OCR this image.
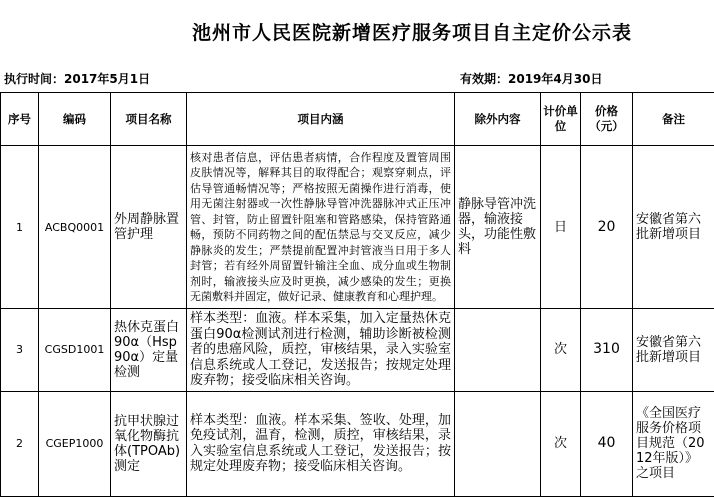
池州市人民医院新增医疗服务项目自主定价公示表
执行时间：2017年5月1日	有效期：2019年4月30日
序号	编码	项目名称	项目内涵	除外内容	计价单位	价格（元）	备注
1	ACBQ0001	外周静脉置管护理	核对患者信息，评估患者病情，合作程度及置管周围皮肤情况等，解释其目的取得配合；观察穿刺点，评估导管通畅情况等；严格按照无菌操作进行消毒，使用无菌注射器或一次性静脉导管冲洗器脉冲式正压冲管、封管，防止留置针阻塞和管路感染，保持管路通畅，预防不同药物之间的配伍禁忌与交叉反应，减少静脉炎的发生；严禁提前配置冲封管液当日用于多人封管；若有经外周留置针输注全血、成分血或生物制剂时，输液接头应及时更换，减少感染的发生；更换无菌敷料并固定，做好记录、健康教育和心理护理。	静脉导管冲洗器，输液接头，功能性敷料	日	20	安徽省第六批新增项目
3	CGSD1001	热休克蛋白90α（Hsp90α）定量检测	样本类型：血液。样本采集，加入定量热休克蛋白90α检测试剂进行检测，辅助诊断被检测者的患癌风险，质控，审核结果，录入实验室信息系统或人工登记，发送报告；按规定处理废弃物；接受临床相关咨询。		次	310	安徽省第六批新增项目
2	CGEP1000	抗甲状腺过氧化物酶抗体(TPOAb)测定	样本类型：血液。样本采集、签收、处理，加免疫试剂，温育，检测，质控，审核结果，录入实验室信息系统或人工登记，发送报告；按规定处理废弃物；接受临床相关咨询。		次	40	《全国医疗服务价格项目规范（2012年版）》之项目
